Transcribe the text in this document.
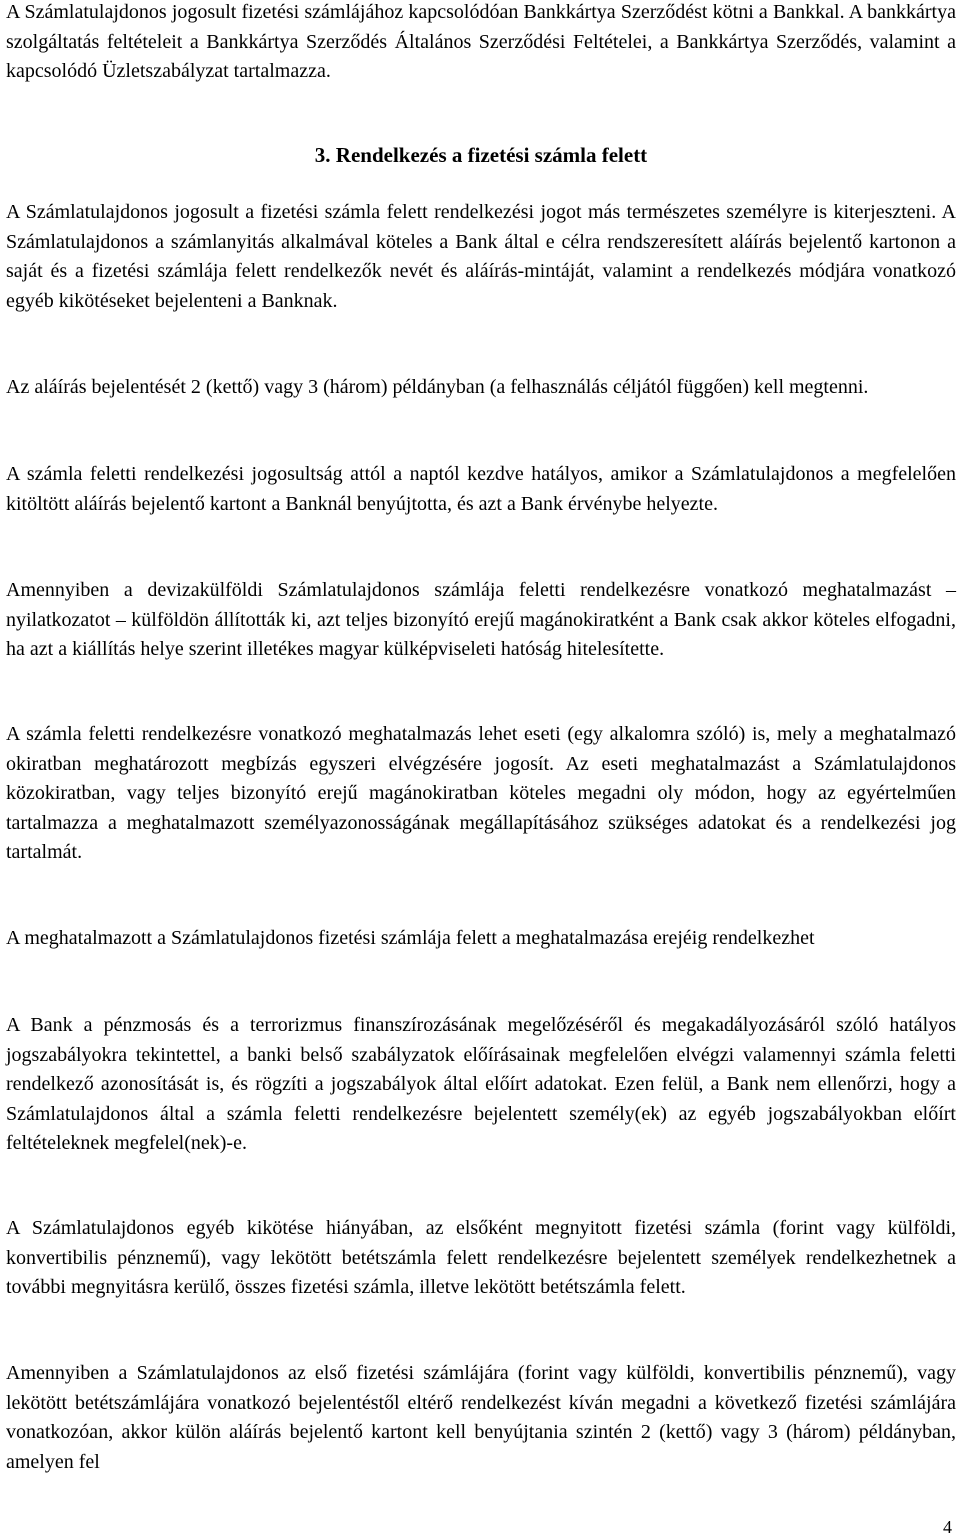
A Számlatulajdonos jogosult fizetési számlájához kapcsolódóan Bankkártya Szerződést kötni a Bankkal. A bankkártya szolgáltatás feltételeit a Bankkártya Szerződés Általános Szerződési Feltételei, a Bankkártya Szerződés, valamint a kapcsolódó Üzletszabályzat tartalmazza.

3. Rendelkezés a fizetési számla felett

A Számlatulajdonos jogosult a fizetési számla felett rendelkezési jogot más természetes személyre is kiterjeszteni. A Számlatulajdonos a számlanyitás alkalmával köteles a Bank által e célra rendszeresített aláírás bejelentő kartonon a saját és a fizetési számlája felett rendelkezők nevét és aláírás-mintáját, valamint a rendelkezés módjára vonatkozó egyéb kikötéseket bejelenteni a Banknak.

Az aláírás bejelentését 2 (kettő) vagy 3 (három) példányban (a felhasználás céljától függően) kell megtenni.

A számla feletti rendelkezési jogosultság attól a naptól kezdve hatályos, amikor a Számlatulajdonos a megfelelően kitöltött aláírás bejelentő kartont a Banknál benyújtotta, és azt a Bank érvénybe helyezte.

Amennyiben a devizakülföldi Számlatulajdonos számlája feletti rendelkezésre vonatkozó meghatalmazást – nyilatkozatot – külföldön állították ki, azt teljes bizonyító erejű magánokiratként a Bank csak akkor köteles elfogadni, ha azt a kiállítás helye szerint illetékes magyar külképviseleti hatóság hitelesítette.

A számla feletti rendelkezésre vonatkozó meghatalmazás lehet eseti (egy alkalomra szóló) is, mely a meghatalmazó okiratban meghatározott megbízás egyszeri elvégzésére jogosít. Az eseti meghatalmazást a Számlatulajdonos közokiratban, vagy teljes bizonyító erejű magánokiratban köteles megadni oly módon, hogy az egyértelműen tartalmazza a meghatalmazott személyazonosságának megállapításához szükséges adatokat és a rendelkezési jog tartalmát.

A meghatalmazott a Számlatulajdonos fizetési számlája felett a meghatalmazása erejéig rendelkezhet

A Bank a pénzmosás és a terrorizmus finanszírozásának megelőzéséről és megakadályozásáról szóló hatályos jogszabályokra tekintettel, a banki belső szabályzatok előírásainak megfelelően elvégzi valamennyi számla feletti rendelkező azonosítását is, és rögzíti a jogszabályok által előírt adatokat. Ezen felül, a Bank nem ellenőrzi, hogy a Számlatulajdonos által a számla feletti rendelkezésre bejelentett személy(ek) az egyéb jogszabályokban előírt feltételeknek megfelel(nek)-e.

A Számlatulajdonos egyéb kikötése hiányában, az elsőként megnyitott fizetési számla (forint vagy külföldi, konvertibilis pénznemű), vagy lekötött betétszámla felett rendelkezésre bejelentett személyek rendelkezhetnek a további megnyitásra kerülő, összes fizetési számla, illetve lekötött betétszámla felett.

Amennyiben a Számlatulajdonos az első fizetési számlájára (forint vagy külföldi, konvertibilis pénznemű), vagy lekötött betétszámlájára vonatkozó bejelentéstől eltérő rendelkezést kíván megadni a következő fizetési számlájára vonatkozóan, akkor külön aláírás bejelentő kartont kell benyújtania szintén 2 (kettő) vagy 3 (három) példányban, amelyen fel

4
